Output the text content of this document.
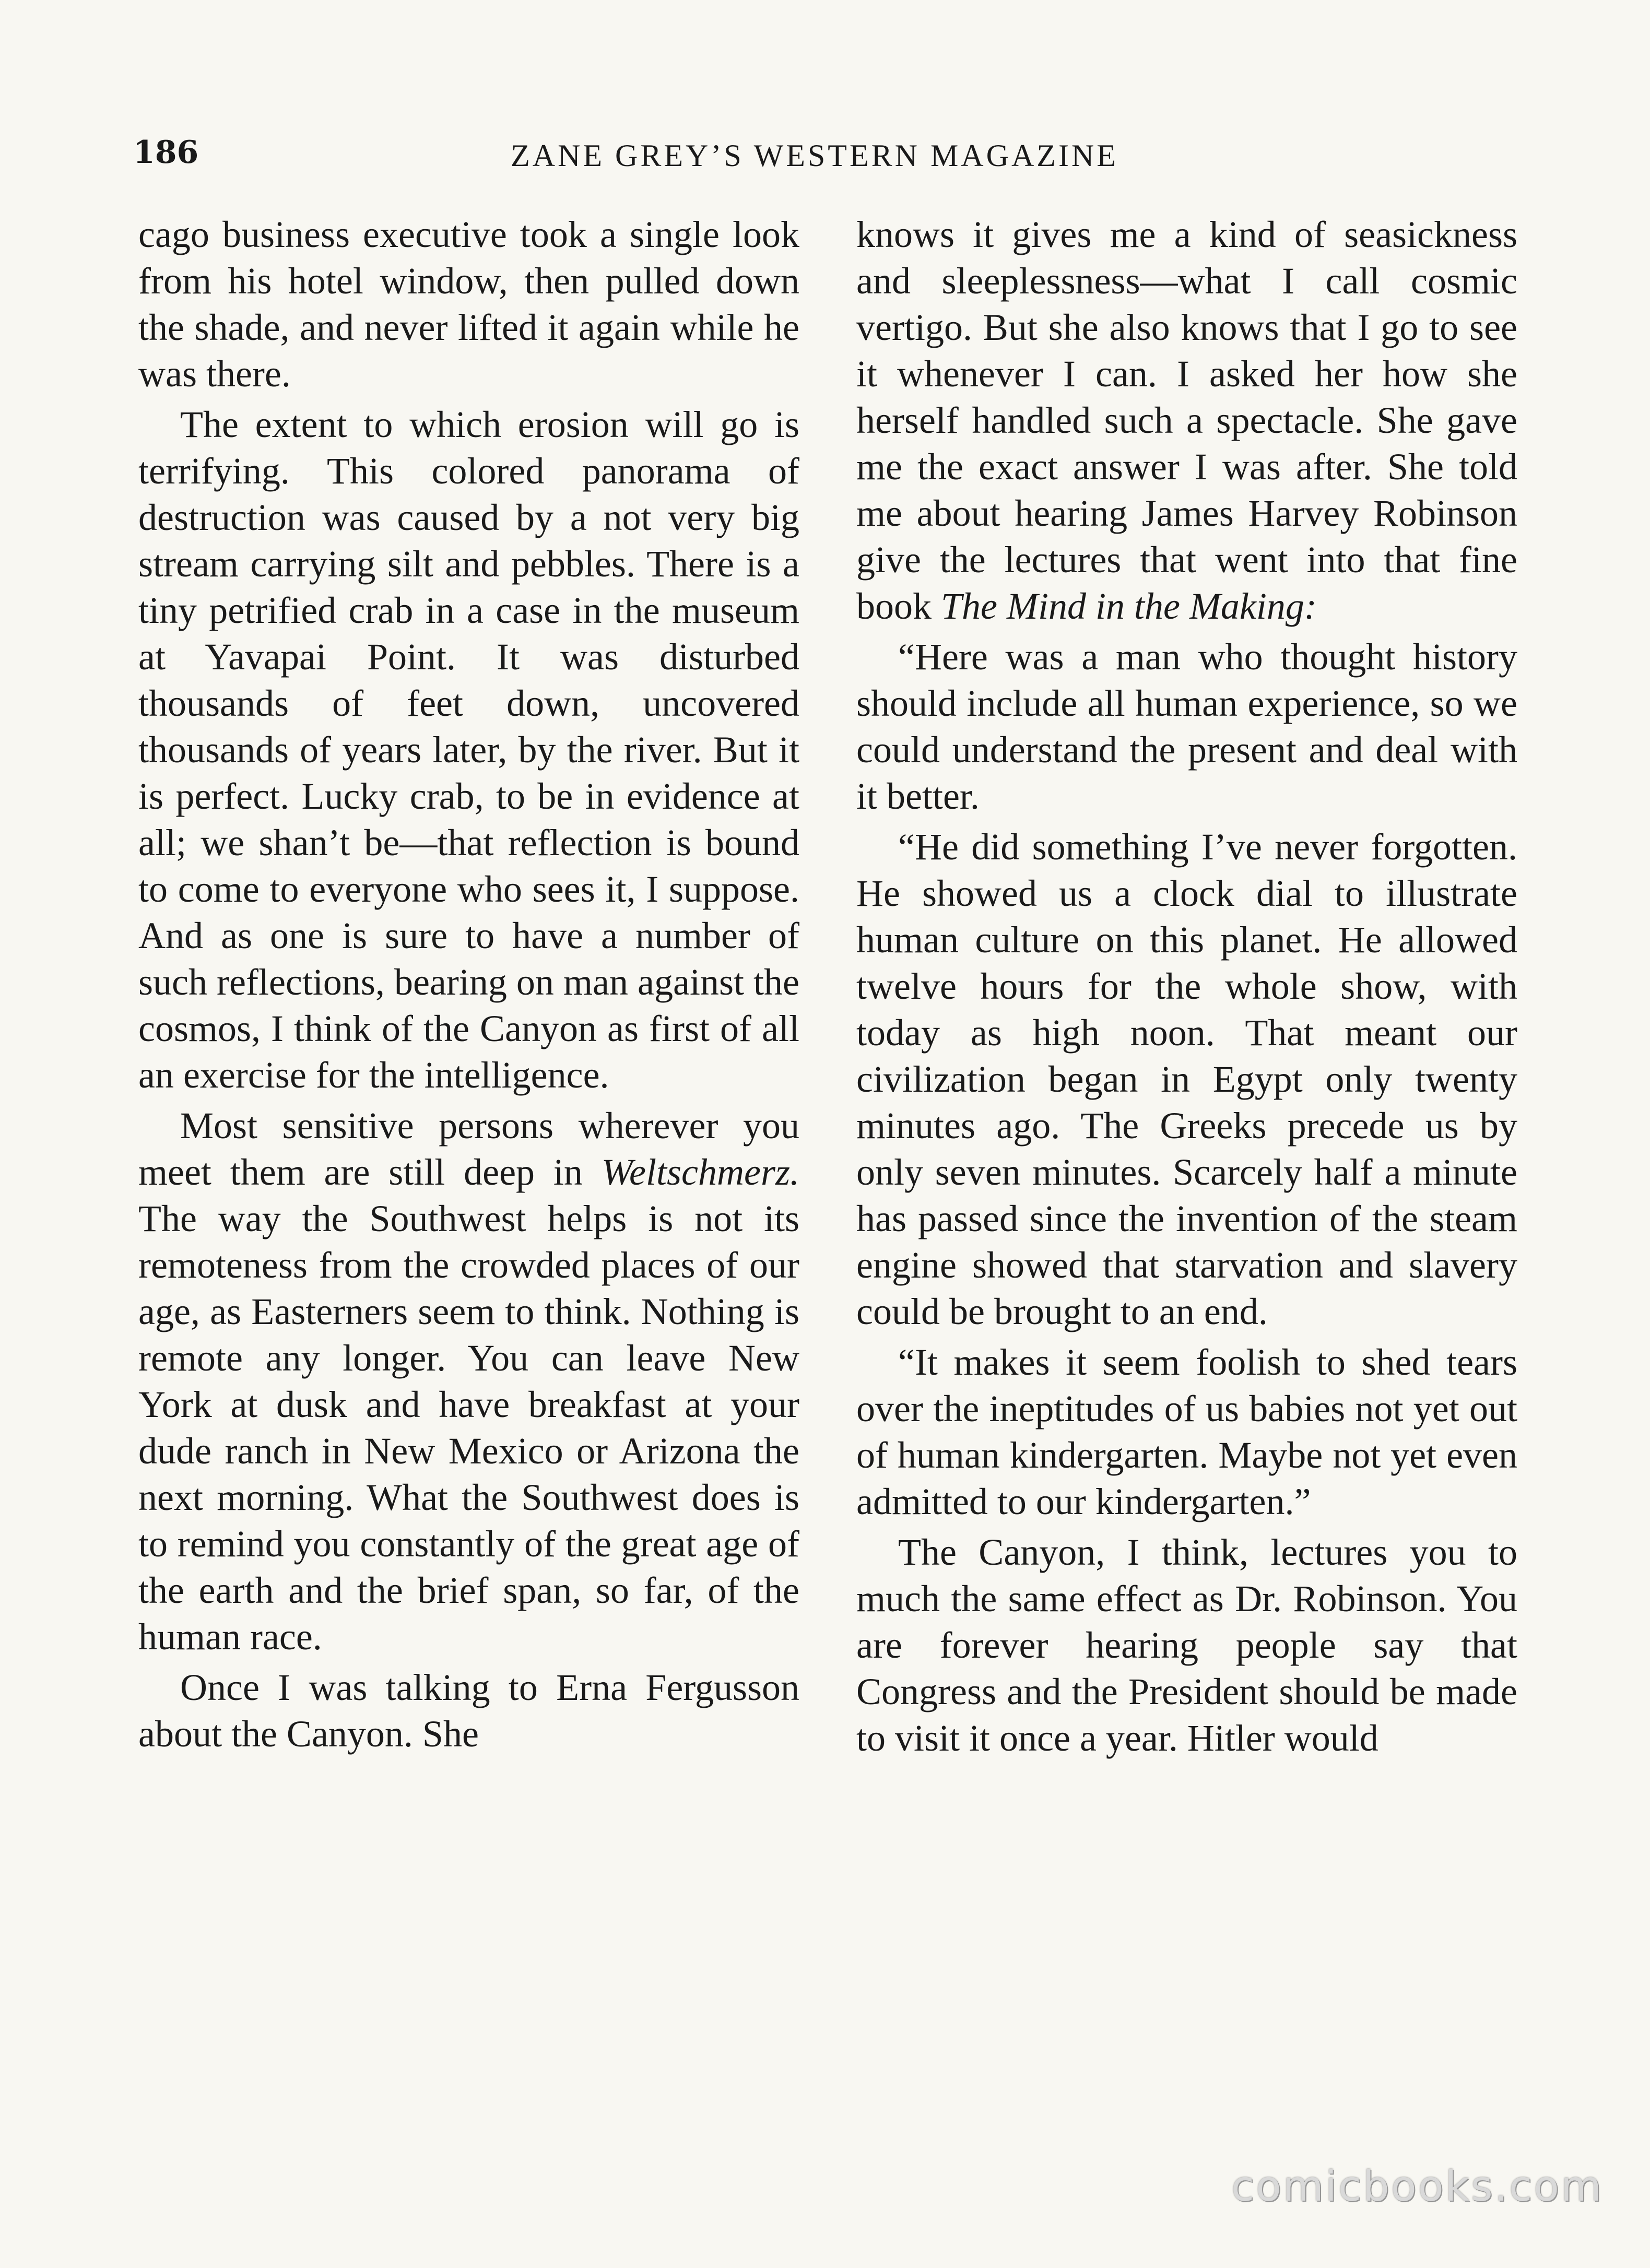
186	ZANE GREY’S WESTERN MAGAZINE

cago business executive took a single look from his hotel window, then pulled down the shade, and never lifted it again while he was there.

The extent to which erosion will go is terrifying. This colored panorama of destruction was caused by a not very big stream carrying silt and pebbles. There is a tiny petrified crab in a case in the museum at Yavapai Point. It was disturbed thousands of feet down, uncovered thousands of years later, by the river. But it is perfect. Lucky crab, to be in evidence at all; we shan’t be—that reflection is bound to come to everyone who sees it, I suppose. And as one is sure to have a number of such reflections, bearing on man against the cosmos, I think of the Canyon as first of all an exercise for the intelligence.

Most sensitive persons wherever you meet them are still deep in Weltschmerz. The way the Southwest helps is not its remoteness from the crowded places of our age, as Easterners seem to think. Nothing is remote any longer. You can leave New York at dusk and have breakfast at your dude ranch in New Mexico or Arizona the next morning. What the Southwest does is to remind you constantly of the great age of the earth and the brief span, so far, of the human race.

Once I was talking to Erna Fergusson about the Canyon. She

knows it gives me a kind of seasickness and sleeplessness—what I call cosmic vertigo. But she also knows that I go to see it whenever I can. I asked her how she herself handled such a spectacle. She gave me the exact answer I was after. She told me about hearing James Harvey Robinson give the lectures that went into that fine book The Mind in the Making:

“Here was a man who thought history should include all human experience, so we could understand the present and deal with it better.

“He did something I’ve never forgotten. He showed us a clock dial to illustrate human culture on this planet. He allowed twelve hours for the whole show, with today as high noon. That meant our civilization began in Egypt only twenty minutes ago. The Greeks precede us by only seven minutes. Scarcely half a minute has passed since the invention of the steam engine showed that starvation and slavery could be brought to an end.

“It makes it seem foolish to shed tears over the ineptitudes of us babies not yet out of human kindergarten. Maybe not yet even admitted to our kindergarten.”

The Canyon, I think, lectures you to much the same effect as Dr. Robinson. You are forever hearing people say that Congress and the President should be made to visit it once a year. Hitler would

comicbooks.com
